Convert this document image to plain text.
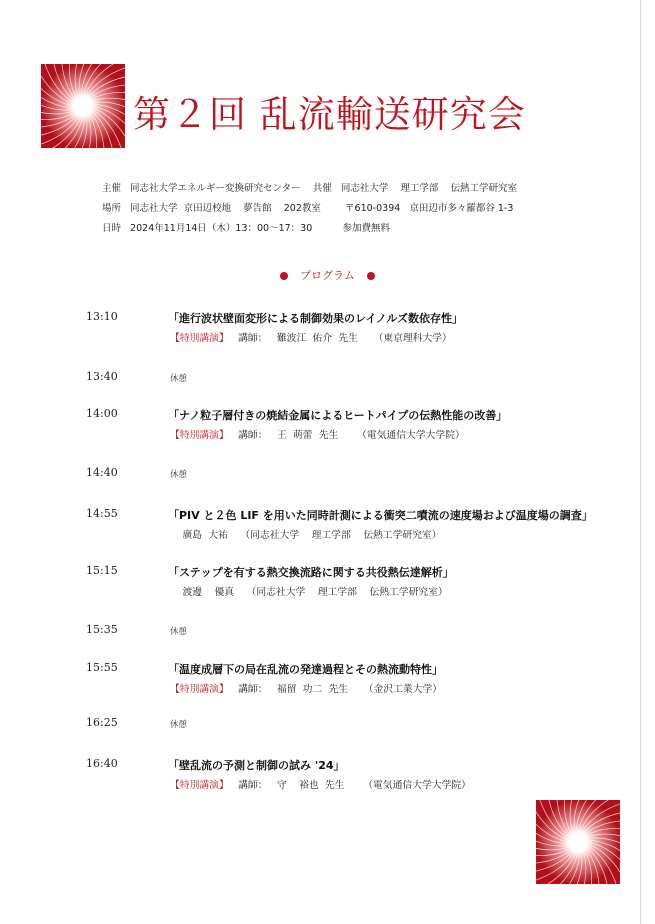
第２回 乱流輸送研究会
主催   同志社大学エネルギー変換研究センター    共催   同志社大学    理工学部    伝熱工学研究室
場所   同志社大学  京田辺校地    夢告館    202教室        〒610-0394   京田辺市多々羅都谷 1-3
日時   2024年11月14日（木）13：00～17：30          参加費無料
プログラム
13:10	「進行波状壁面変形による制御効果のレイノルズ数依存性」
【特別講演】   講師：   難波江  佑介  先生     （東京理科大学）
13:40	休憩
14:00	「ナノ粒子層付きの焼結金属によるヒートパイプの伝熱性能の改善」
【特別講演】   講師：   王  萌蕾  先生      （電気通信大学大学院）
14:40	休憩
14:55	「PIV と２色 LIF を用いた同時計測による衝突二噴流の速度場および温度場の調査」
廣島  大祐    （同志社大学    理工学部    伝熱工学研究室）
15:15	「ステップを有する熱交換流路に関する共役熱伝達解析」
渡邊    優真    （同志社大学    理工学部    伝熱工学研究室）
15:35	休憩
15:55	「温度成層下の局在乱流の発達過程とその熱流動特性」
【特別講演】   講師：   福留  功二  先生     （金沢工業大学）
16:25	休憩
16:40	「壁乱流の予測と制御の試み '24」
【特別講演】   講師：   守    裕也  先生      （電気通信大学大学院）
